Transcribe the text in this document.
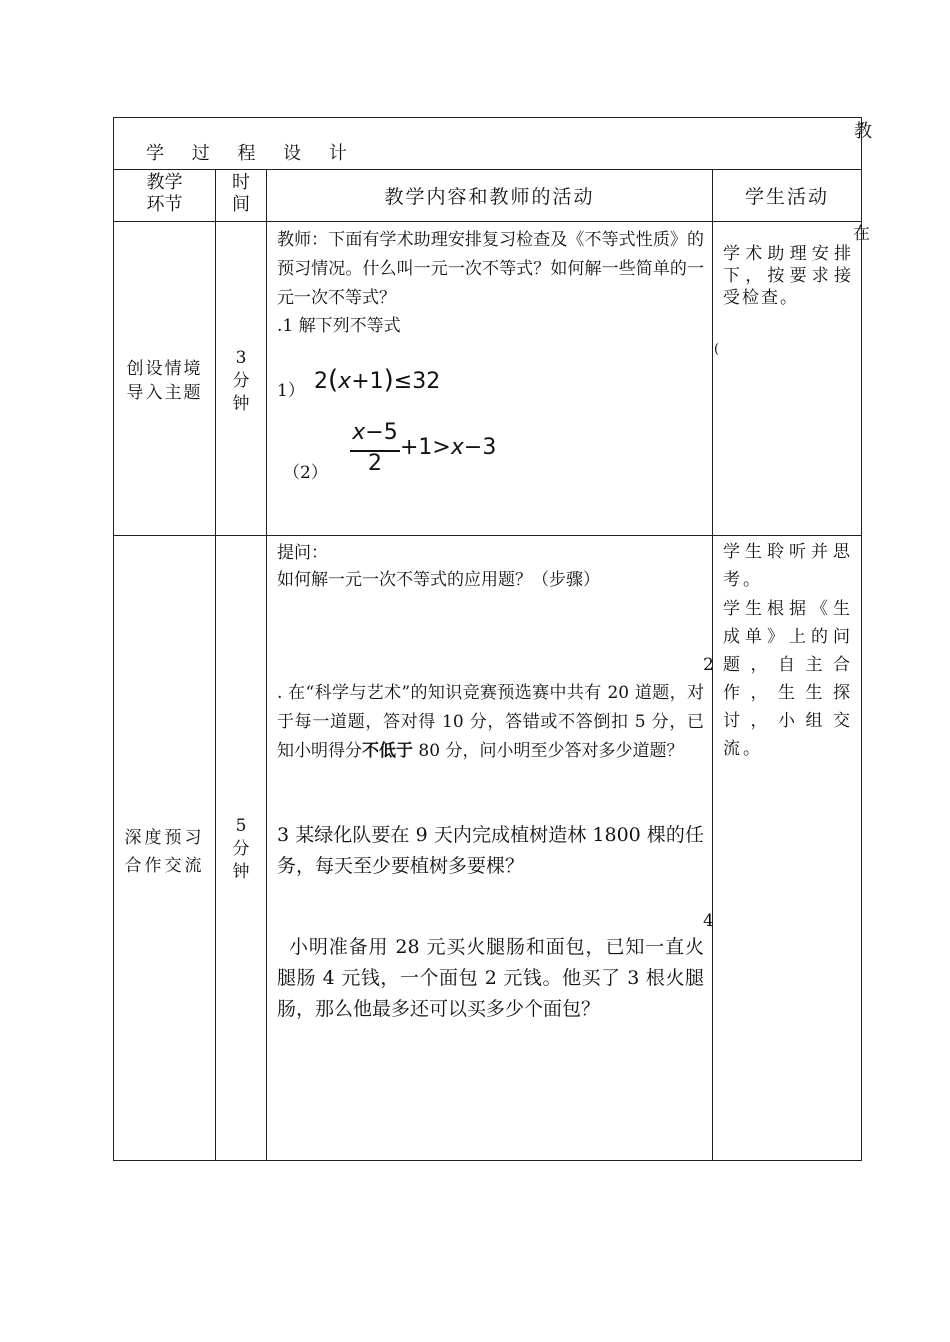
学 过 程 设 计
教
在
(
2
4
教学
环节
时
间	教学内容和教师的活动	学生活动
创设情境
导入主题
3
分
钟
教师：下面有学术助理安排复习检查及《不等式性质》的预习情况。什么叫一元一次不等式？如何解一些简单的一元一次不等式？
.1 解下列不等式
1） 2(x+1)≤32
（2）
x−5
2
+1>x−3
学术助理安排下，按要求接受检查。
深度预习
合作交流
5
分
钟
提问：
如何解一元一次不等式的应用题？（步骤）
. 在“科学与艺术”的知识竞赛预选赛中共有 20 道题，对于每一道题，答对得 10 分，答错或不答倒扣 5 分，已知小明得分不低于 80 分，问小明至少答对多少道题？
3 某绿化队要在 9 天内完成植树造林 1800 棵的任务，每天至少要植树多要棵？
小明准备用 28 元买火腿肠和面包，已知一直火腿肠 4 元钱，一个面包 2 元钱。他买了 3 根火腿肠，那么他最多还可以买多少个面包？
学生聆听并思考。
学生根据《生成单》上的问题，自主合作，生生探讨，小组交流。
